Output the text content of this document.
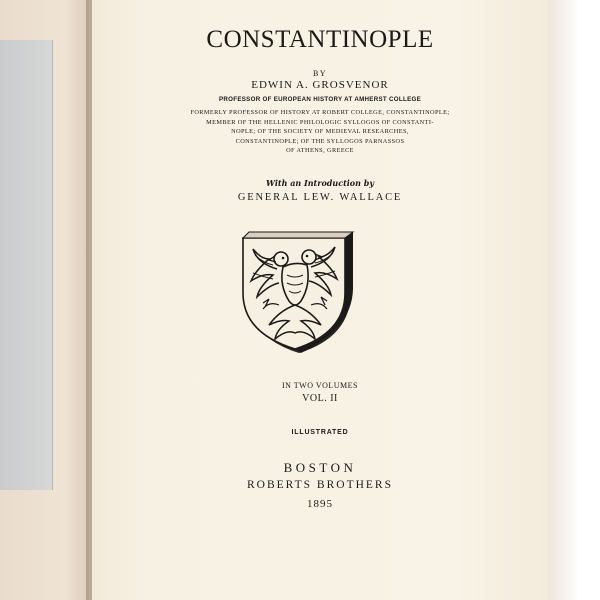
CONSTANTINOPLE
BY
EDWIN A. GROSVENOR
PROFESSOR OF EUROPEAN HISTORY AT AMHERST COLLEGE
FORMERLY PROFESSOR OF HISTORY AT ROBERT COLLEGE, CONSTANTINOPLE;
MEMBER OF THE HELLENIC PHILOLOGIC SYLLOGOS OF CONSTANTI-
NOPLE; OF THE SOCIETY OF MEDIEVAL RESEARCHES,
CONSTANTINOPLE; OF THE SYLLOGOS PARNASSOS
OF ATHENS, GREECE
With an Introduction by
GENERAL LEW. WALLACE
IN TWO VOLUMES
VOL. II
ILLUSTRATED
BOSTON
ROBERTS BROTHERS
1895
